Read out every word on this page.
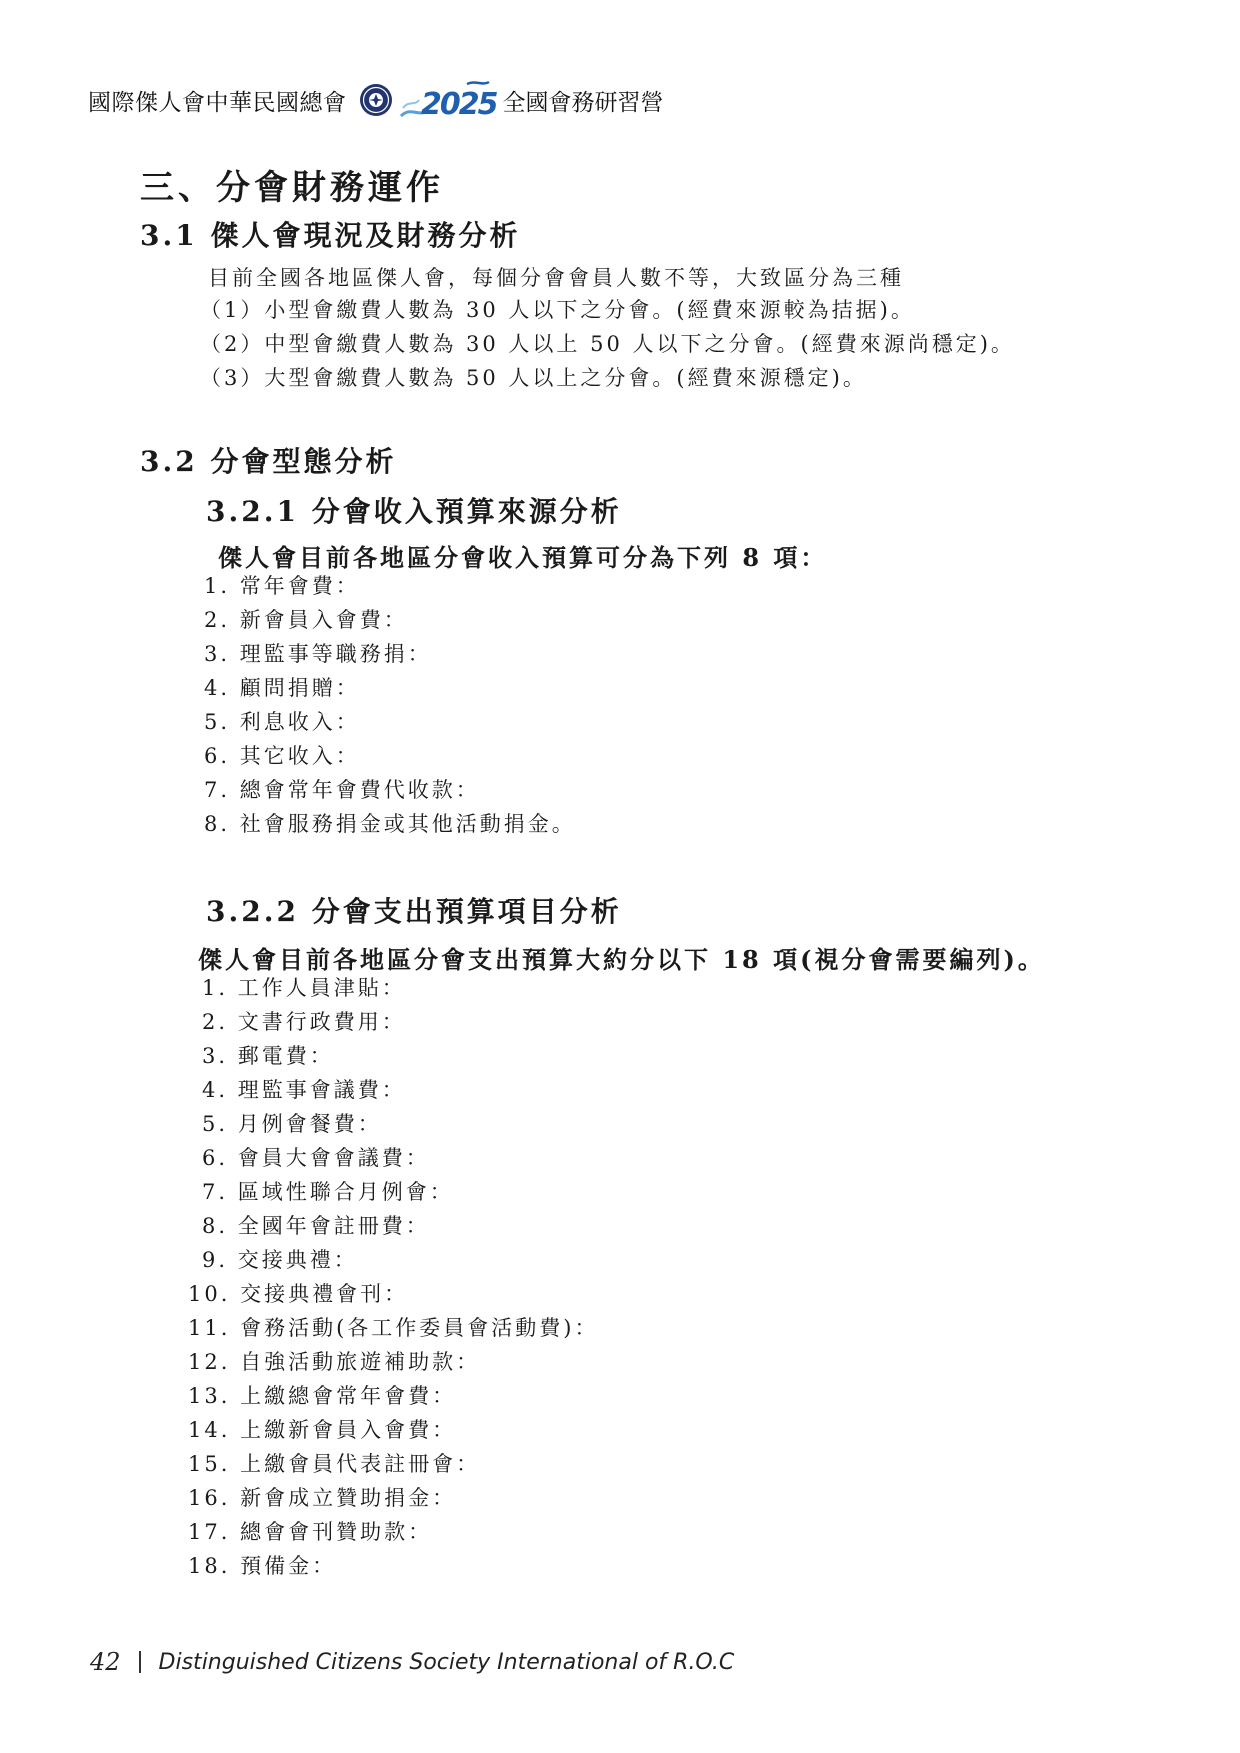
國際傑人會中華民國總會 2025 全國會務研習營
三、分會財務運作
3.1 傑人會現況及財務分析
目前全國各地區傑人會，每個分會會員人數不等，大致區分為三種
（1）小型會繳費人數為 30 人以下之分會。(經費來源較為拮据)。
（2）中型會繳費人數為 30 人以上 50 人以下之分會。(經費來源尚穩定)。
（3）大型會繳費人數為 50 人以上之分會。(經費來源穩定)。
3.2 分會型態分析
3.2.1 分會收入預算來源分析
傑人會目前各地區分會收入預算可分為下列 8 項：
1. 常年會費：
2. 新會員入會費：
3. 理監事等職務捐：
4. 顧問捐贈：
5. 利息收入：
6. 其它收入：
7. 總會常年會費代收款：
8. 社會服務捐金或其他活動捐金。
3.2.2 分會支出預算項目分析
傑人會目前各地區分會支出預算大約分以下 18 項(視分會需要編列)。
1. 工作人員津貼：
2. 文書行政費用：
3. 郵電費：
4. 理監事會議費：
5. 月例會餐費：
6. 會員大會會議費：
7. 區域性聯合月例會：
8. 全國年會註冊費：
9. 交接典禮：
10. 交接典禮會刊：
11. 會務活動(各工作委員會活動費)：
12. 自強活動旅遊補助款：
13. 上繳總會常年會費：
14. 上繳新會員入會費：
15. 上繳會員代表註冊會：
16. 新會成立贊助捐金：
17. 總會會刊贊助款：
18. 預備金：
42 Distinguished Citizens Society International of R.O.C
